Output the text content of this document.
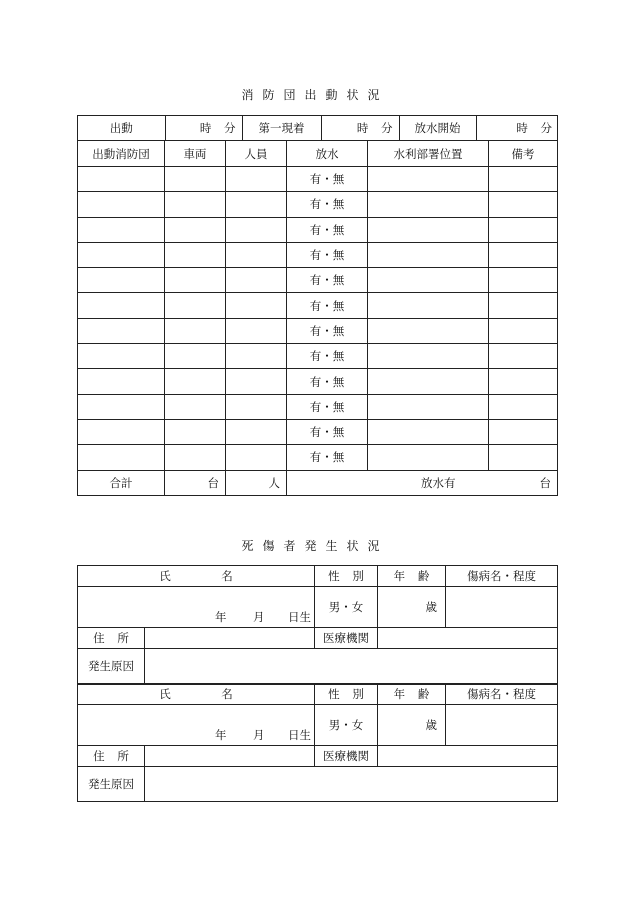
消防団出動状況
出動	時 分	第一現着	時 分	放水開始	時 分

出動消防団	車両	人員	放水	水利部署位置	備考
			有・無		
			有・無		
			有・無		
			有・無		
			有・無		
			有・無		
			有・無		
			有・無		
			有・無		
			有・無		
			有・無		
			有・無		
合計	台	人	放水有	台
死傷者発生状況
氏 名		性 別	年 齢	傷病名・程度

年 月 日生		男・女	歳	
住 所		医療機関		
発生原因				
氏 名		性 別	年 齢	傷病名・程度

年 月 日生		男・女	歳	
住 所		医療機関		
発生原因				
